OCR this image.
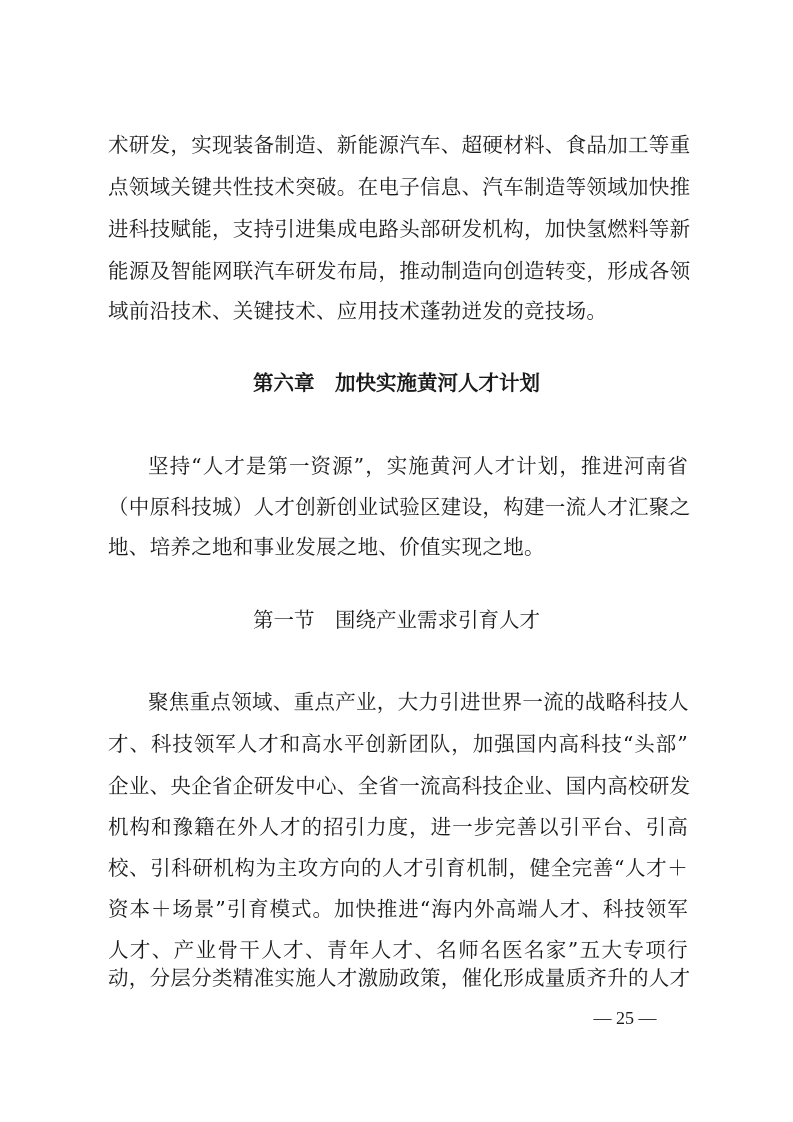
术研发，实现装备制造、新能源汽车、超硬材料、食品加工等重
点领域关键共性技术突破。在电子信息、汽车制造等领域加快推
进科技赋能，支持引进集成电路头部研发机构，加快氢燃料等新
能源及智能网联汽车研发布局，推动制造向创造转变，形成各领
域前沿技术、关键技术、应用技术蓬勃迸发的竞技场。
第六章　加快实施黄河人才计划
坚持“人才是第一资源”，实施黄河人才计划，推进河南省
（中原科技城）人才创新创业试验区建设，构建一流人才汇聚之
地、培养之地和事业发展之地、价值实现之地。
第一节　围绕产业需求引育人才
聚焦重点领域、重点产业，大力引进世界一流的战略科技人
才、科技领军人才和高水平创新团队，加强国内高科技“头部”
企业、央企省企研发中心、全省一流高科技企业、国内高校研发
机构和豫籍在外人才的招引力度，进一步完善以引平台、引高
校、引科研机构为主攻方向的人才引育机制，健全完善“人才＋
资本＋场景”引育模式。加快推进“海内外高端人才、科技领军
人才、产业骨干人才、青年人才、名师名医名家”五大专项行
动，分层分类精准实施人才激励政策，催化形成量质齐升的人才
— 25 —
